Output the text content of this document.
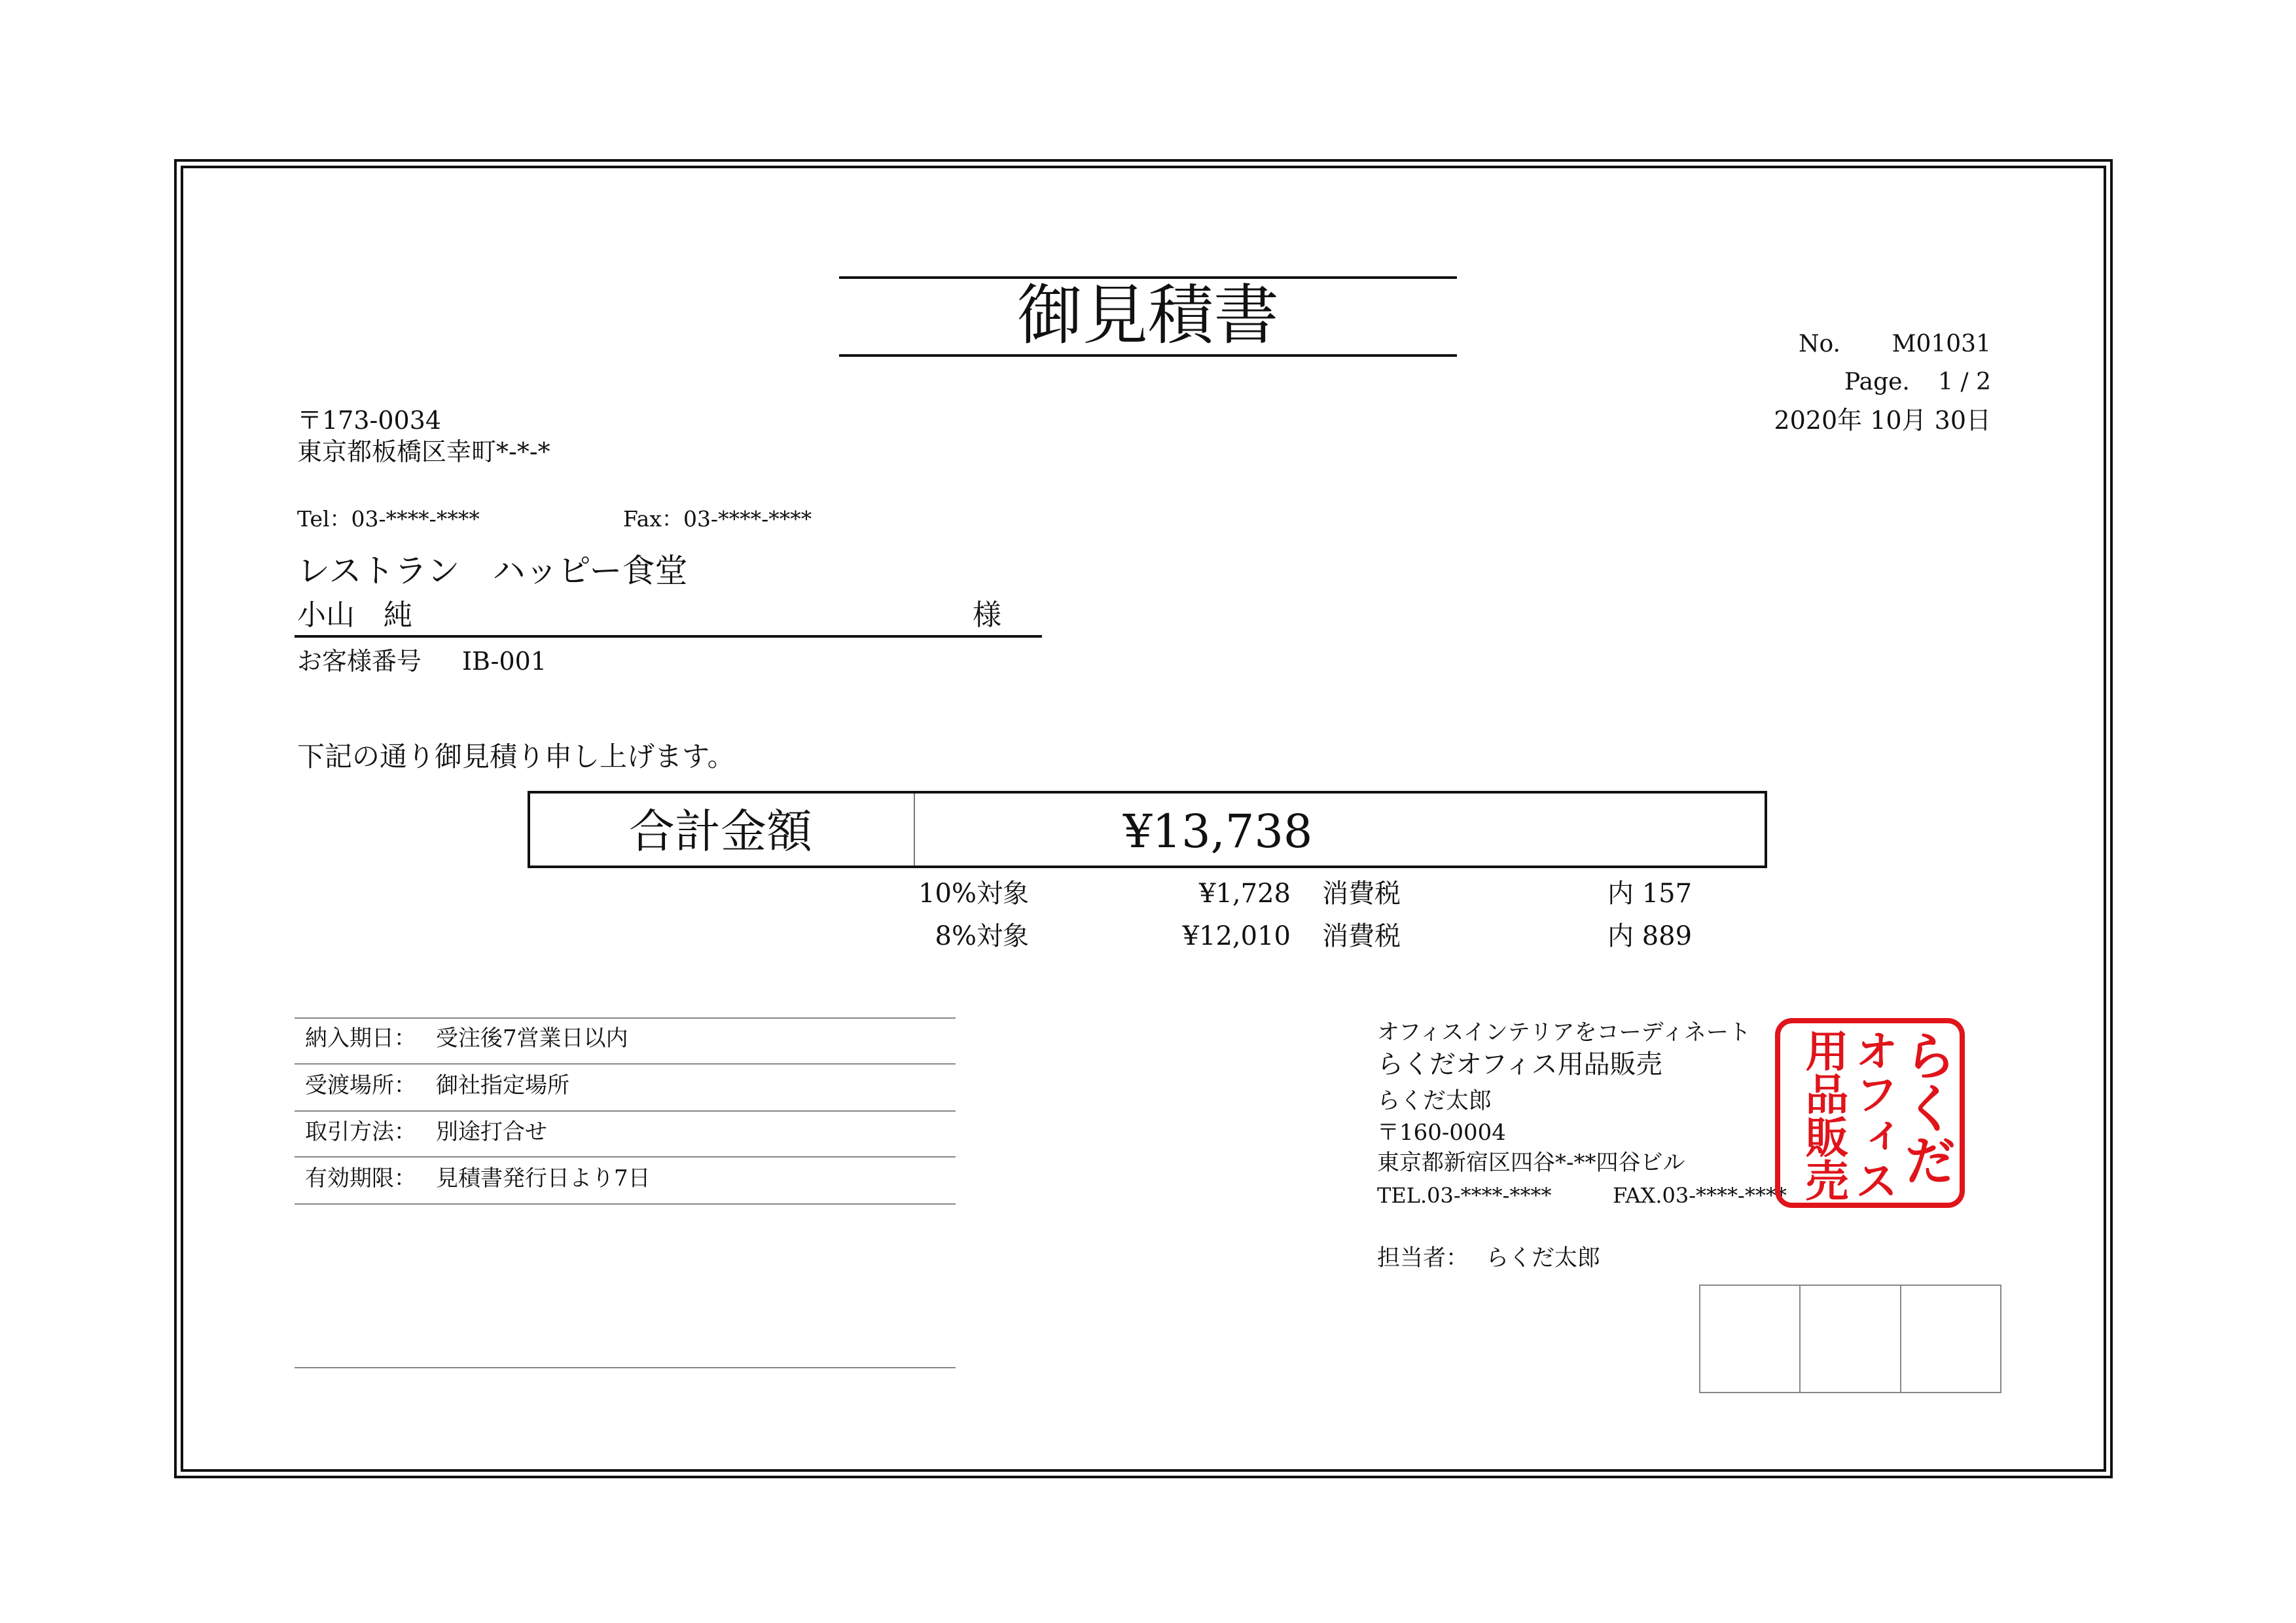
御見積書	No. M01031
Page. 1 / 2
2020年 10月 30日
〒173-0034
東京都板橋区幸町*-*-*
Tel：03-****-****	Fax：03-****-****
レストラン　ハッピー食堂
小山　純	様
お客様番号 IB-001
下記の通り御見積り申し上げます。
合計金額	¥13,738
10%対象	¥1,728 消費税	内 157
8%対象	¥12,010 消費税	内 889
納入期日： 受注後7営業日以内
受渡場所： 御社指定場所
取引方法： 別途打合せ
有効期限： 見積書発行日より7日
オフィスインテリアをコーディネート
らくだオフィス用品販売
らくだ太郎
〒160-0004
東京都新宿区四谷*-**四谷ビル
TEL.03-****-****	FAX.03-****-****
担当者： らくだ太郎
らくだ
オフィス
用品販売
